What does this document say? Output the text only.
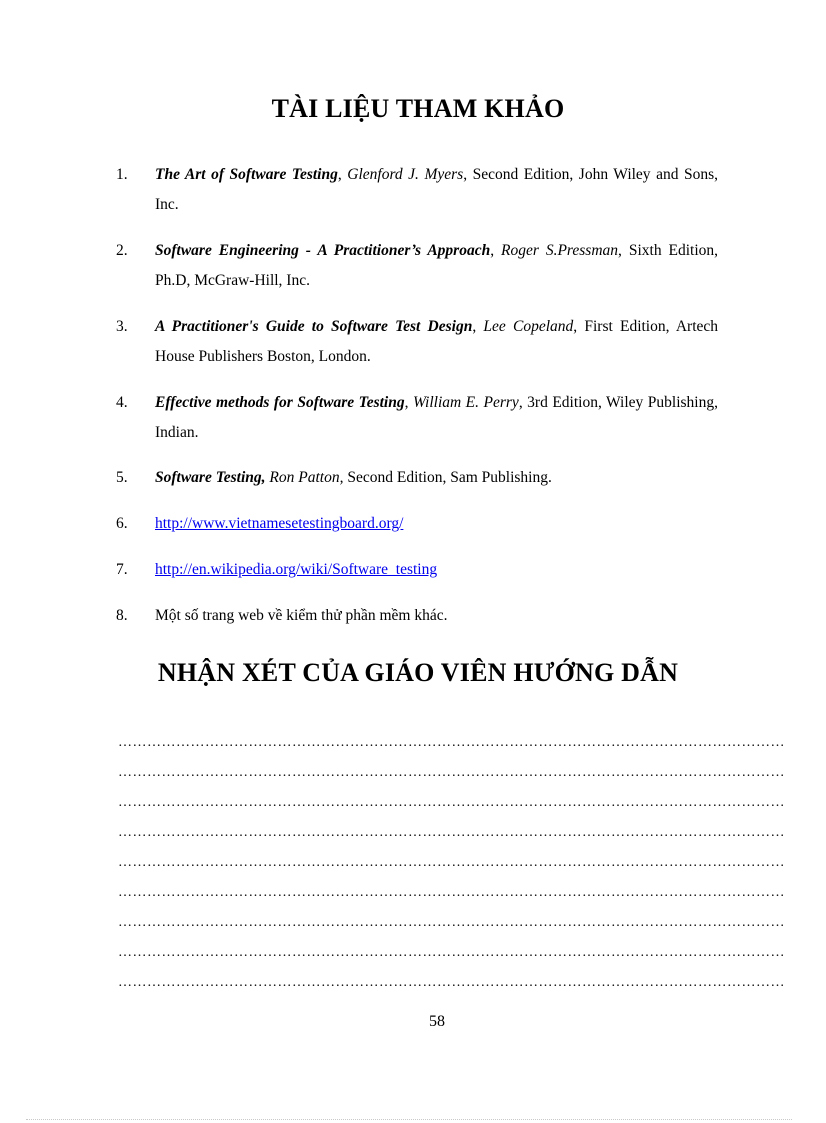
TÀI LIỆU THAM KHẢO
1.	The Art of Software Testing, Glenford J. Myers, Second Edition, John Wiley and Sons, Inc.
2.	Software Engineering - A Practitioner’s Approach, Roger S.Pressman, Sixth Edition, Ph.D, McGraw-Hill, Inc.
3.	A Practitioner's Guide to Software Test Design, Lee Copeland, First Edition, Artech House Publishers Boston, London.
4.	Effective methods for Software Testing, William E. Perry, 3rd Edition, Wiley Publishing, Indian.
5.	Software Testing, Ron Patton, Second Edition, Sam Publishing.
6.	http://www.vietnamesetestingboard.org/
7.	http://en.wikipedia.org/wiki/Software_testing
8.	Một số trang web về kiểm thử phần mềm khác.
NHẬN XÉT CỦA GIÁO VIÊN HƯỚNG DẪN
…………………………………………………………………………………………………………………………
…………………………………………………………………………………………………………………………
…………………………………………………………………………………………………………………………
…………………………………………………………………………………………………………………………
…………………………………………………………………………………………………………………………
…………………………………………………………………………………………………………………………
…………………………………………………………………………………………………………………………
…………………………………………………………………………………………………………………………
…………………………………………………………………………………………………………………………
58
